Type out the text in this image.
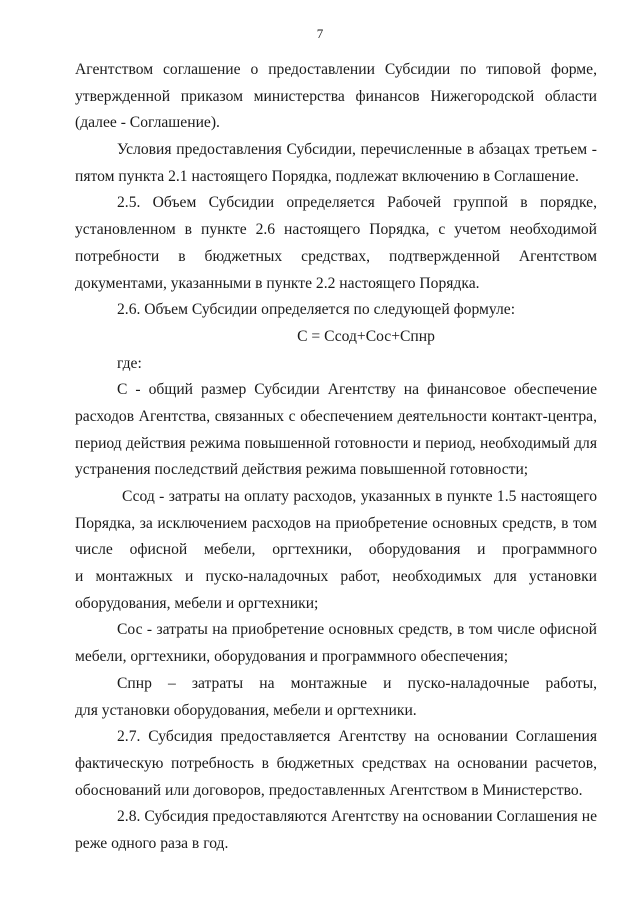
7
Агентством соглашение о предоставлении Субсидии по типовой форме,
утвержденной приказом министерства финансов Нижегородской области
(далее - Соглашение).
Условия предоставления Субсидии, перечисленные в абзацах третьем -
пятом пункта 2.1 настоящего Порядка, подлежат включению в Соглашение.
2.5. Объем Субсидии определяется Рабочей группой в порядке,
установленном в пункте 2.6 настоящего Порядка, с учетом необходимой
потребности в бюджетных средствах, подтвержденной Агентством
документами, указанными в пункте 2.2 настоящего Порядка.
2.6. Объем Субсидии определяется по следующей формуле:
С = Ссод+Сос+Спнр
где:
С - общий размер Субсидии Агентству на финансовое обеспечение
расходов Агентства, связанных с обеспечением деятельности контакт-центра,
период действия режима повышенной готовности и период, необходимый для
устранения последствий действия режима повышенной готовности;
Ссод - затраты на оплату расходов, указанных в пункте 1.5 настоящего
Порядка, за исключением расходов на приобретение основных средств, в том
числе офисной мебели, оргтехники, оборудования и программного
и монтажных и пуско-наладочных работ, необходимых для установки
оборудования, мебели и оргтехники;
Сос - затраты на приобретение основных средств, в том числе офисной
мебели, оргтехники, оборудования и программного обеспечения;
Спнр – затраты на монтажные и пуско-наладочные работы,
для установки оборудования, мебели и оргтехники.
2.7. Субсидия предоставляется Агентству на основании Соглашения
фактическую потребность в бюджетных средствах на основании расчетов,
обоснований или договоров, предоставленных Агентством в Министерство.
2.8. Субсидия предоставляются Агентству на основании Соглашения не
реже одного раза в год.
